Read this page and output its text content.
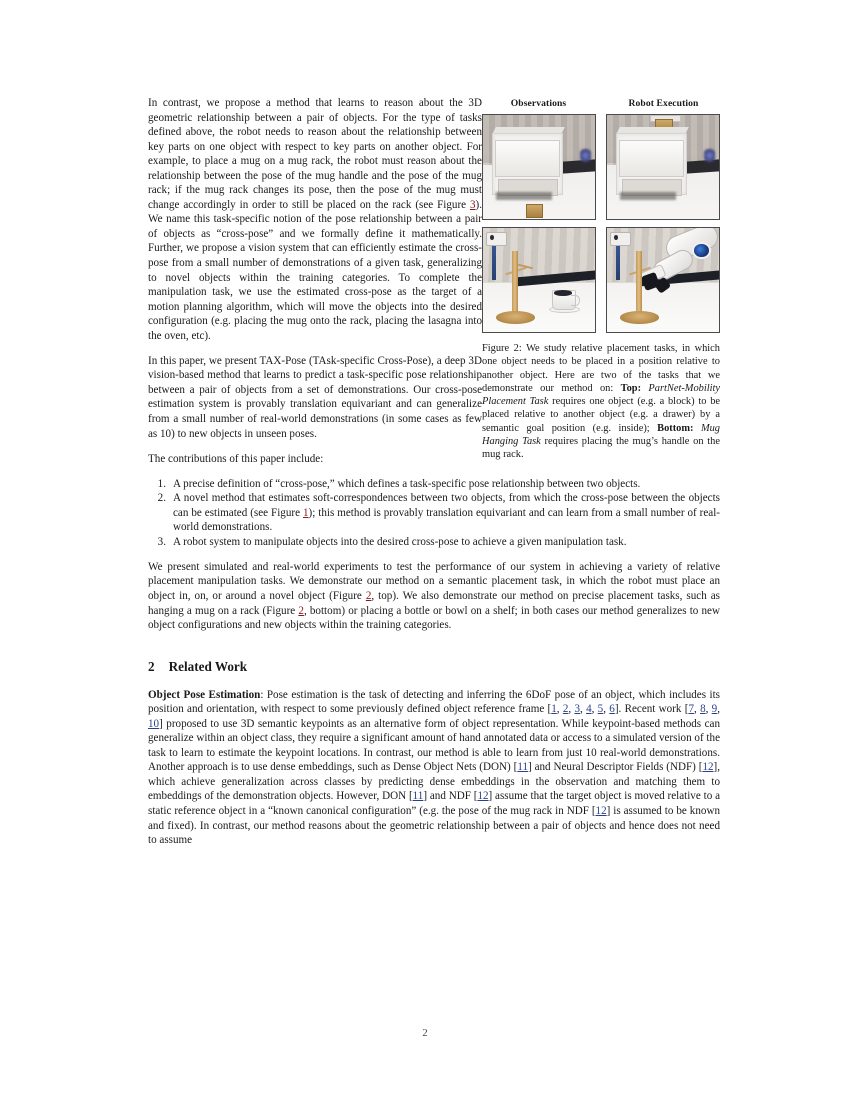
Observations	Robot Execution
Figure 2: We study relative placement tasks, in which one object needs to be placed in a position relative to another object. Here are two of the tasks that we demonstrate our method on: Top: PartNet-Mobility Placement Task requires one object (e.g. a block) to be placed relative to another object (e.g. a drawer) by a semantic goal position (e.g. inside); Bottom: Mug Hanging Task requires placing the mug’s handle on the mug rack.

In contrast, we propose a method that learns to reason about the 3D geometric relationship between a pair of objects. For the type of tasks defined above, the robot needs to reason about the relationship between key parts on one object with respect to key parts on another object. For example, to place a mug on a mug rack, the robot must reason about the relationship between the pose of the mug handle and the pose of the mug rack; if the mug rack changes its pose, then the pose of the mug must change accordingly in order to still be placed on the rack (see Figure 3). We name this task-specific notion of the pose relationship between a pair of objects as “cross-pose” and we formally define it mathematically. Further, we propose a vision system that can efficiently estimate the cross-pose from a small number of demonstrations of a given task, generalizing to novel objects within the training categories. To complete the manipulation task, we use the estimated cross-pose as the target of a motion planning algorithm, which will move the objects into the desired configuration (e.g. placing the mug onto the rack, placing the lasagna into the oven, etc).

In this paper, we present TAX-Pose (TAsk-specific Cross-Pose), a deep 3D vision-based method that learns to predict a task-specific pose relationship between a pair of objects from a set of demonstrations. Our cross-pose estimation system is provably translation equivariant and can generalize from a small number of real-world demonstrations (in some cases as few as 10) to new objects in unseen poses.

The contributions of this paper include:

1. A precise definition of “cross-pose,” which defines a task-specific pose relationship between two objects.
2. A novel method that estimates soft-correspondences between two objects, from which the cross-pose between the objects can be estimated (see Figure 1); this method is provably translation equivariant and can learn from a small number of real-world demonstrations.
3. A robot system to manipulate objects into the desired cross-pose to achieve a given manipulation task.

We present simulated and real-world experiments to test the performance of our system in achieving a variety of relative placement manipulation tasks. We demonstrate our method on a semantic placement task, in which the robot must place an object in, on, or around a novel object (Figure 2, top). We also demonstrate our method on precise placement tasks, such as hanging a mug on a rack (Figure 2, bottom) or placing a bottle or bowl on a shelf; in both cases our method generalizes to new object configurations and new objects within the training categories.

2 Related Work

Object Pose Estimation: Pose estimation is the task of detecting and inferring the 6DoF pose of an object, which includes its position and orientation, with respect to some previously defined object reference frame [1, 2, 3, 4, 5, 6]. Recent work [7, 8, 9, 10] proposed to use 3D semantic keypoints as an alternative form of object representation. While keypoint-based methods can generalize within an object class, they require a significant amount of hand annotated data or access to a simulated version of the task to learn to estimate the keypoint locations. In contrast, our method is able to learn from just 10 real-world demonstrations. Another approach is to use dense embeddings, such as Dense Object Nets (DON) [11] and Neural Descriptor Fields (NDF) [12], which achieve generalization across classes by predicting dense embeddings in the observation and matching them to embeddings of the demonstration objects. However, DON [11] and NDF [12] assume that the target object is moved relative to a static reference object in a “known canonical configuration” (e.g. the pose of the mug rack in NDF [12] is assumed to be known and fixed). In contrast, our method reasons about the geometric relationship between a pair of objects and hence does not need to assume

2
